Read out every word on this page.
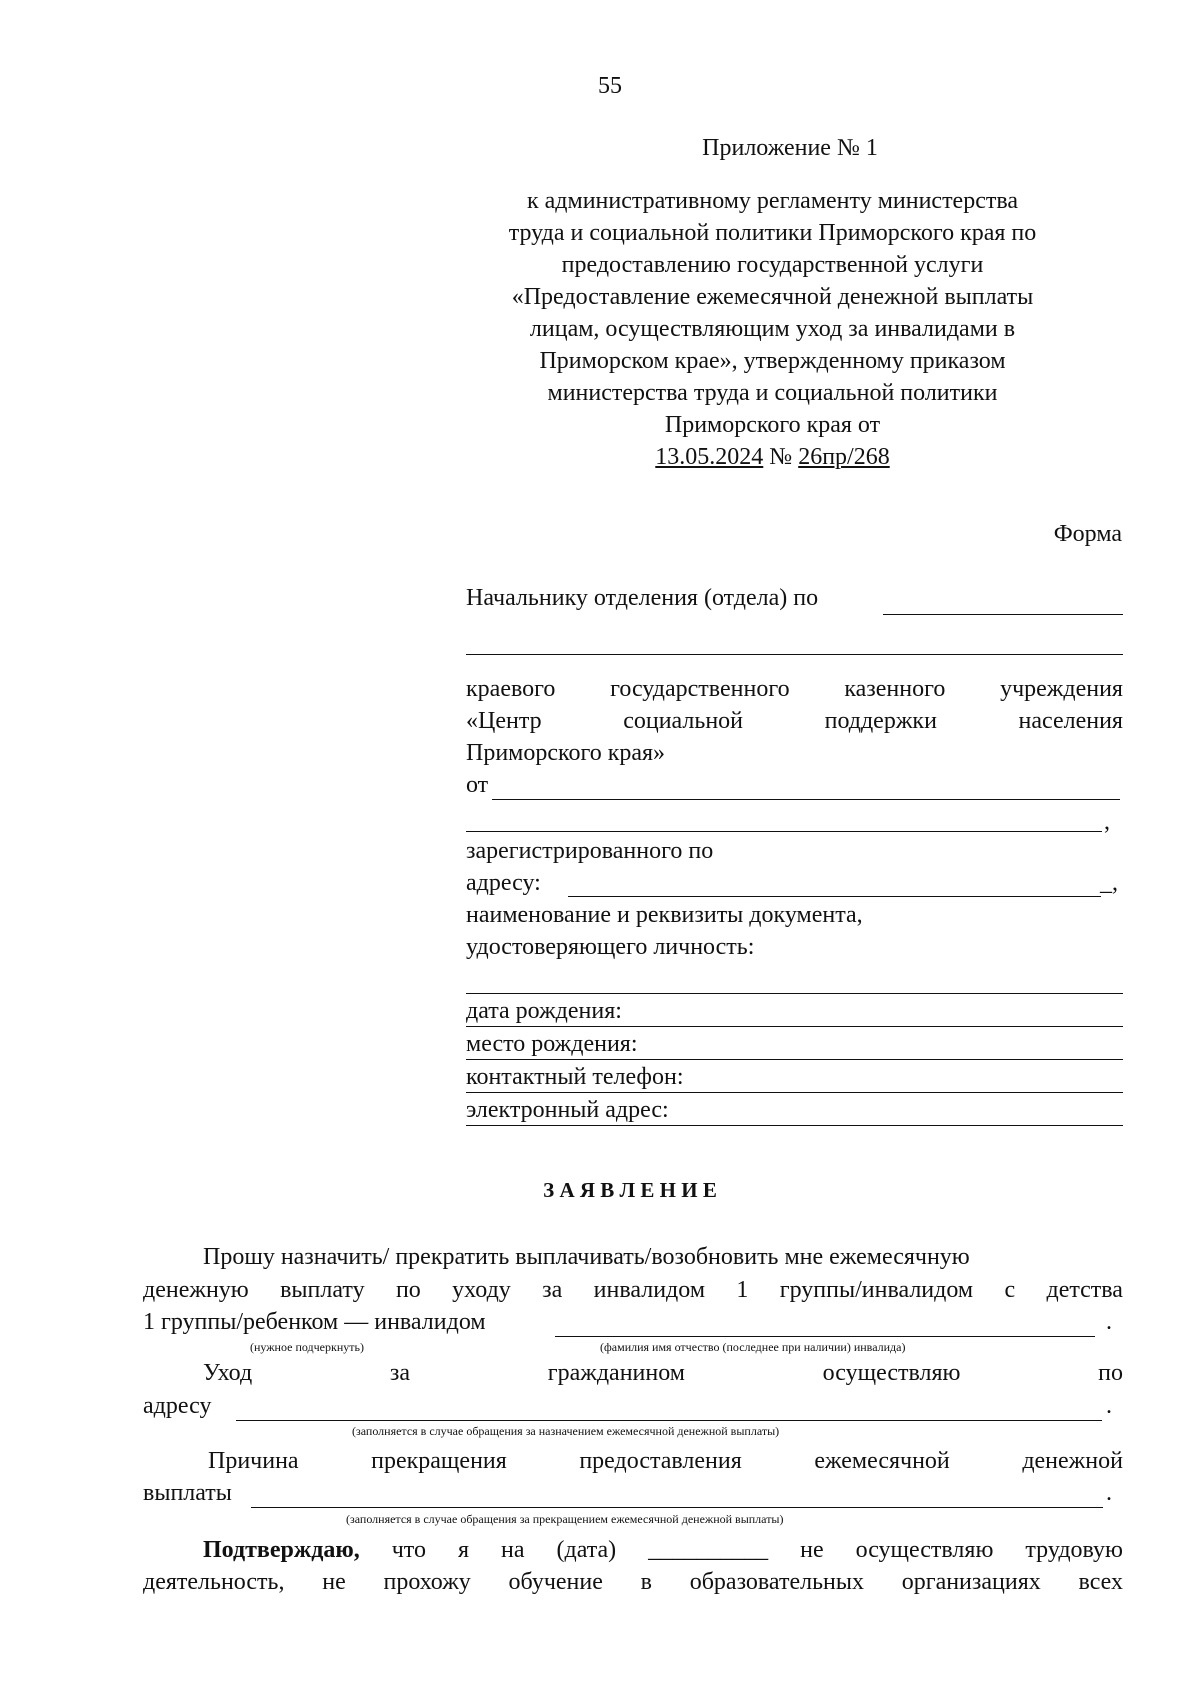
55
Приложение № 1
к административному регламенту министерства
труда и социальной политики Приморского края по
предоставлению государственной услуги
«Предоставление ежемесячной денежной выплаты
лицам, осуществляющим уход за инвалидами в
Приморском крае», утвержденному приказом
министерства труда и социальной политики
Приморского края от
13.05.2024 № 26пр/268
Форма
Начальнику отделения (отдела) по
краевого государственного казенного учреждения
«Центр	социальной	поддержки	населения
Приморского края»
от
,
зарегистрированного по
адресу:	_,
наименование и реквизиты документа,
удостоверяющего личность:
дата рождения:
место рождения:
контактный телефон:
электронный адрес:
З А Я В Л Е Н И Е
Прошу назначить/ прекратить выплачивать/возобновить мне ежемесячную
денежную выплату по уходу за инвалидом 1 группы/инвалидом с детства
1 группы/ребенком — инвалидом	.
(нужное подчеркнуть)	(фамилия имя отчество (последнее при наличии) инвалида)
Уход	за	гражданином	осуществляю	по
адресу	.
(заполняется в случае обращения за назначением ежемесячной денежной выплаты)
Причина	прекращения	предоставления	ежемесячной	денежной
выплаты	.
(заполняется в случае обращения за прекращением ежемесячной денежной выплаты)
Подтверждаю, что я на (дата) __________ не осуществляю трудовую
деятельность, не прохожу обучение в образовательных организациях всех
